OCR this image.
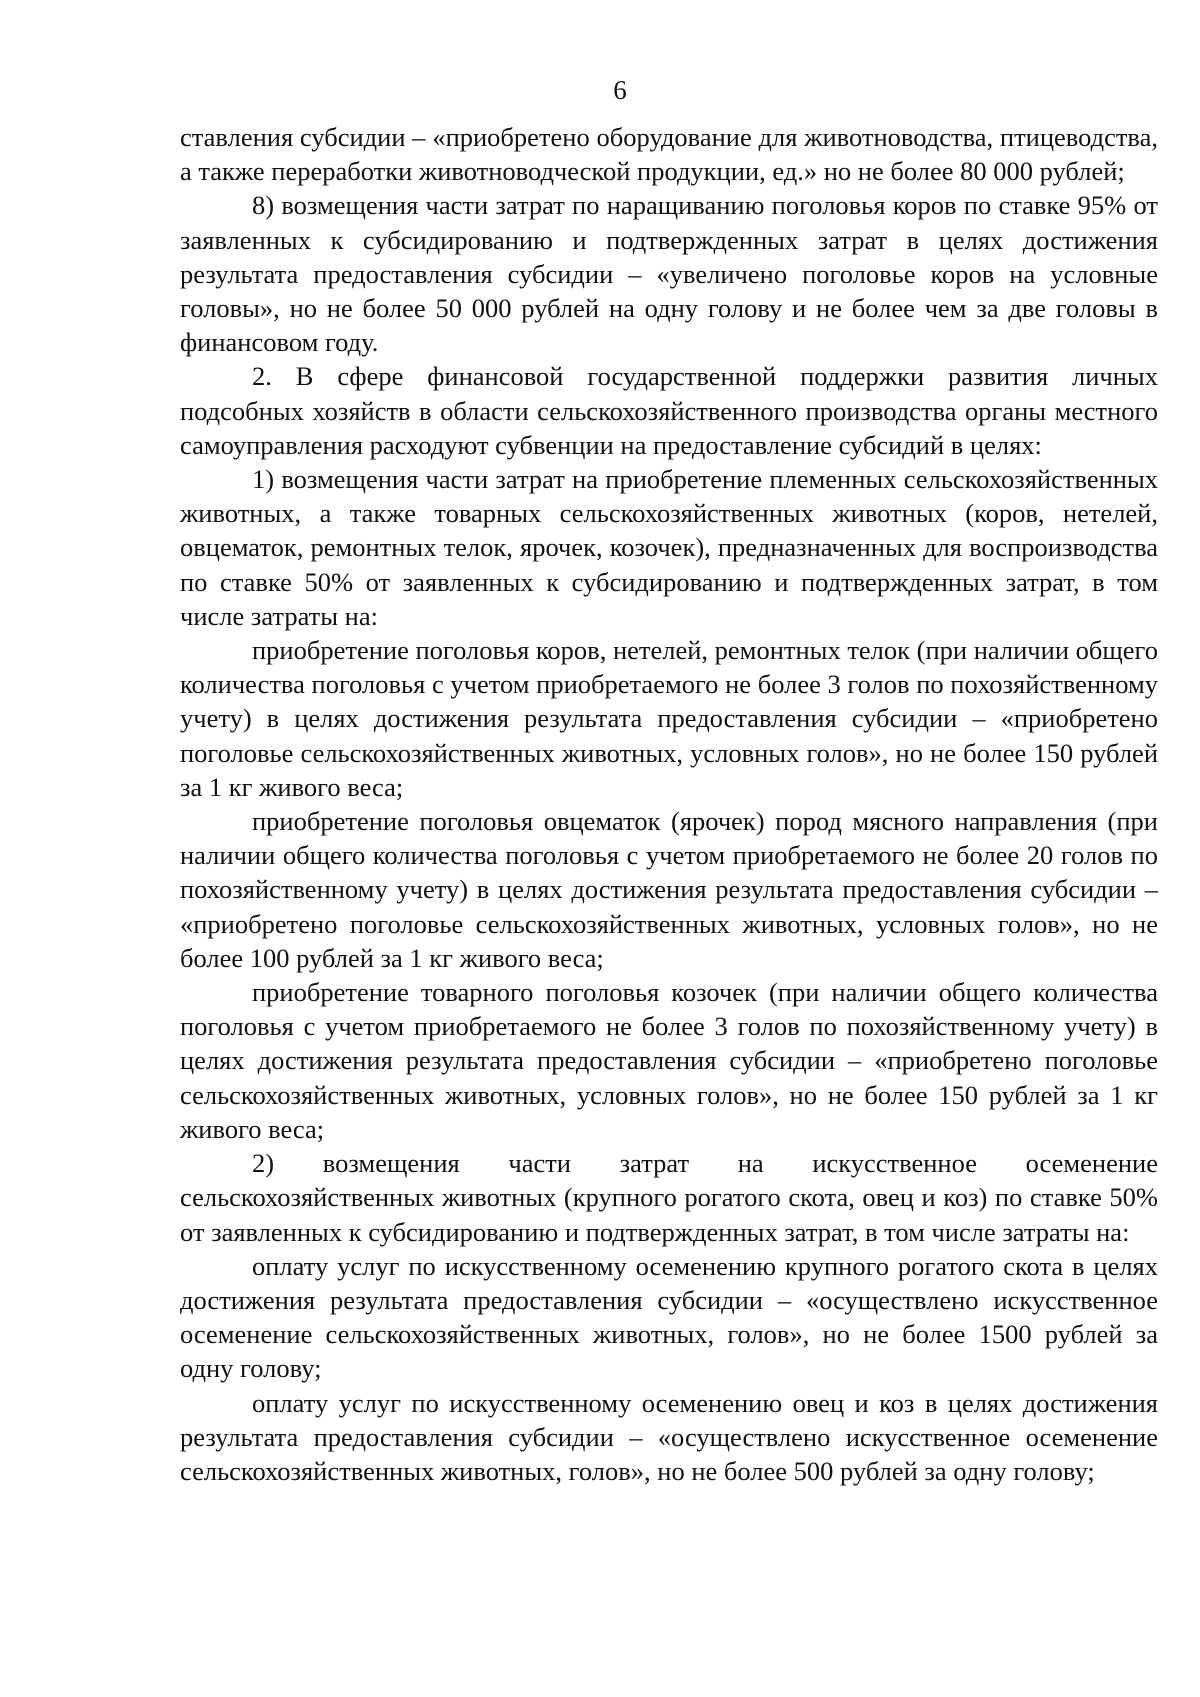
6

ставления субсидии – «приобретено оборудование для животноводства, птицеводства, а также переработки животноводческой продукции, ед.» но не более 80 000 рублей;

8) возмещения части затрат по наращиванию поголовья коров по ставке 95% от заявленных к субсидированию и подтвержденных затрат в целях достижения результата предоставления субсидии – «увеличено поголовье коров на условные головы», но не более 50 000 рублей на одну голову и не более чем за две головы в финансовом году.

2. В сфере финансовой государственной поддержки развития личных подсобных хозяйств в области сельскохозяйственного производства органы местного самоуправления расходуют субвенции на предоставление субсидий в целях:

1) возмещения части затрат на приобретение племенных сельскохозяйственных животных, а также товарных сельскохозяйственных животных (коров, нетелей, овцематок, ремонтных телок, ярочек, козочек), предназначенных для воспроизводства по ставке 50% от заявленных к субсидированию и подтвержденных затрат, в том числе затраты на:

приобретение поголовья коров, нетелей, ремонтных телок (при наличии общего количества поголовья с учетом приобретаемого не более 3 голов по похозяйственному учету) в целях достижения результата предоставления субсидии – «приобретено поголовье сельскохозяйственных животных, условных голов», но не более 150 рублей за 1 кг живого веса;

приобретение поголовья овцематок (ярочек) пород мясного направления (при наличии общего количества поголовья с учетом приобретаемого не более 20 голов по похозяйственному учету) в целях достижения результата предоставления субсидии – «приобретено поголовье сельскохозяйственных животных, условных голов», но не более 100 рублей за 1 кг живого веса;

приобретение товарного поголовья козочек (при наличии общего количества поголовья с учетом приобретаемого не более 3 голов по похозяйственному учету) в целях достижения результата предоставления субсидии – «приобретено поголовье сельскохозяйственных животных, условных голов», но не более 150 рублей за 1 кг живого веса;

2) возмещения части затрат на искусственное осеменение сельскохозяйственных животных (крупного рогатого скота, овец и коз) по ставке 50% от заявленных к субсидированию и подтвержденных затрат, в том числе затраты на:

оплату услуг по искусственному осеменению крупного рогатого скота в целях достижения результата предоставления субсидии – «осуществлено искусственное осеменение сельскохозяйственных животных, голов», но не более 1500 рублей за одну голову;

оплату услуг по искусственному осеменению овец и коз в целях достижения результата предоставления субсидии – «осуществлено искусственное осеменение сельскохозяйственных животных, голов», но не более 500 рублей за одну голову;
